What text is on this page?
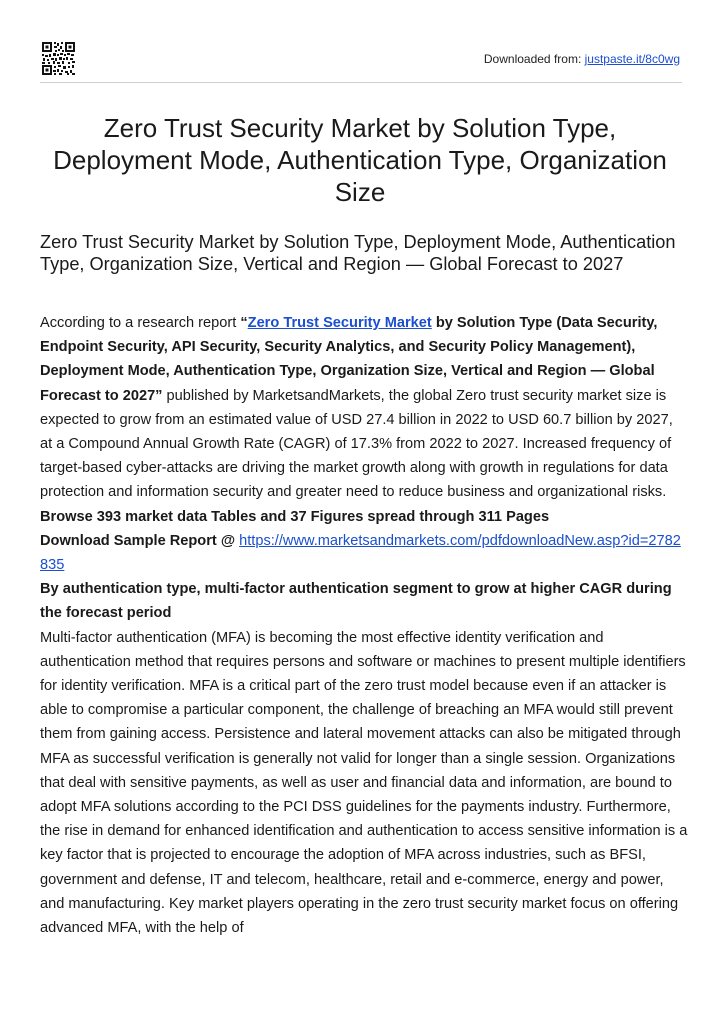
Downloaded from: justpaste.it/8c0wg
Zero Trust Security Market by Solution Type, Deployment Mode, Authentication Type, Organization Size
Zero Trust Security Market by Solution Type, Deployment Mode, Authentication Type, Organization Size, Vertical and Region — Global Forecast to 2027

According to a research report “Zero Trust Security Market by Solution Type (Data Security, Endpoint Security, API Security, Security Analytics, and Security Policy Management), Deployment Mode, Authentication Type, Organization Size, Vertical and Region — Global Forecast to 2027” published by MarketsandMarkets, the global Zero trust security market size is expected to grow from an estimated value of USD 27.4 billion in 2022 to USD 60.7 billion by 2027, at a Compound Annual Growth Rate (CAGR) of 17.3% from 2022 to 2027. Increased frequency of target-based cyber-attacks are driving the market growth along with growth in regulations for data protection and information security and greater need to reduce business and organizational risks.

Browse 393 market data Tables and 37 Figures spread through 311 Pages

Download Sample Report @ https://www.marketsandmarkets.com/pdfdownloadNew.asp?id=2782835

By authentication type, multi-factor authentication segment to grow at higher CAGR during the forecast period

Multi-factor authentication (MFA) is becoming the most effective identity verification and authentication method that requires persons and software or machines to present multiple identifiers for identity verification. MFA is a critical part of the zero trust model because even if an attacker is able to compromise a particular component, the challenge of breaching an MFA would still prevent them from gaining access. Persistence and lateral movement attacks can also be mitigated through MFA as successful verification is generally not valid for longer than a single session. Organizations that deal with sensitive payments, as well as user and financial data and information, are bound to adopt MFA solutions according to the PCI DSS guidelines for the payments industry. Furthermore, the rise in demand for enhanced identification and authentication to access sensitive information is a key factor that is projected to encourage the adoption of MFA across industries, such as BFSI, government and defense, IT and telecom, healthcare, retail and e-commerce, energy and power, and manufacturing. Key market players operating in the zero trust security market focus on offering advanced MFA, with the help of
